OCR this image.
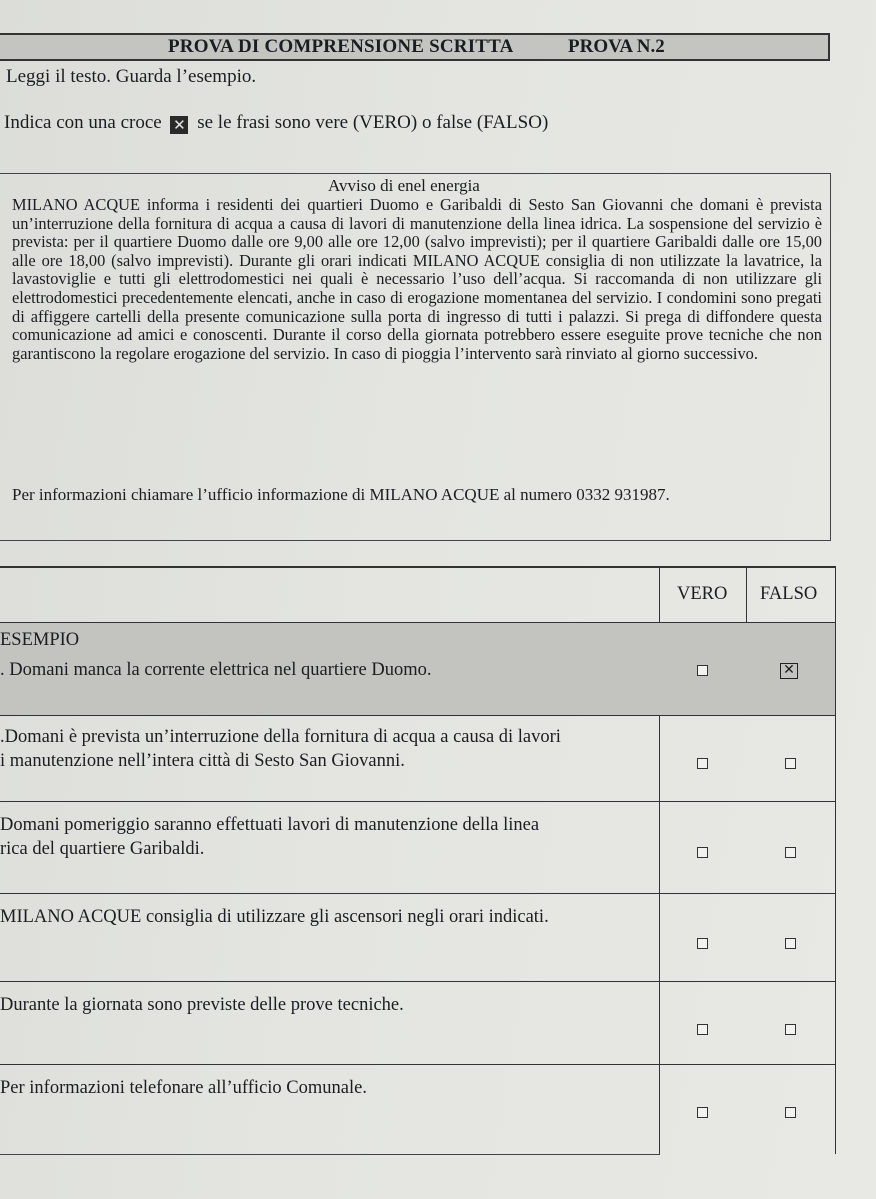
PROVA DI COMPRENSIONE SCRITTA	PROVA N.2
Leggi il testo. Guarda l’esempio.
Indica con una croce ✕ se le frasi sono vere (VERO) o false (FALSO)
Avviso di enel energia
MILANO ACQUE informa i residenti dei quartieri Duomo e Garibaldi di Sesto San Giovanni che domani è prevista un’interruzione della fornitura di acqua a causa di lavori di manutenzione della linea idrica. La sospensione del servizio è prevista: per il quartiere Duomo dalle ore 9,00 alle ore 12,00 (salvo imprevisti); per il quartiere Garibaldi dalle ore 15,00 alle ore 18,00 (salvo imprevisti). Durante gli orari indicati MILANO ACQUE consiglia di non utilizzate la lavatrice, la lavastoviglie e tutti gli elettrodomestici nei quali è necessario l’uso dell’acqua. Si raccomanda di non utilizzare gli elettrodomestici precedentemente elencati, anche in caso di erogazione momentanea del servizio. I condomini sono pregati di affiggere cartelli della presente comunicazione sulla porta di ingresso di tutti i palazzi. Si prega di diffondere questa comunicazione ad amici e conoscenti. Durante il corso della giornata potrebbero essere eseguite prove tecniche che non garantiscono la regolare erogazione del servizio. In caso di pioggia l’intervento sarà rinviato al giorno successivo.
Per informazioni chiamare l’ufficio informazione di MILANO ACQUE al numero 0332 931987.
VERO FALSO
ESEMPIO
. Domani manca la corrente elettrica nel quartiere Duomo.	✕
.Domani è prevista un’interruzione della fornitura di acqua a causa di lavori
i manutenzione nell’intera città di Sesto San Giovanni.
Domani pomeriggio saranno effettuati lavori di manutenzione della linea
rica del quartiere Garibaldi.
MILANO ACQUE consiglia di utilizzare gli ascensori negli orari indicati.
Durante la giornata sono previste delle prove tecniche.
Per informazioni telefonare all’ufficio Comunale.
